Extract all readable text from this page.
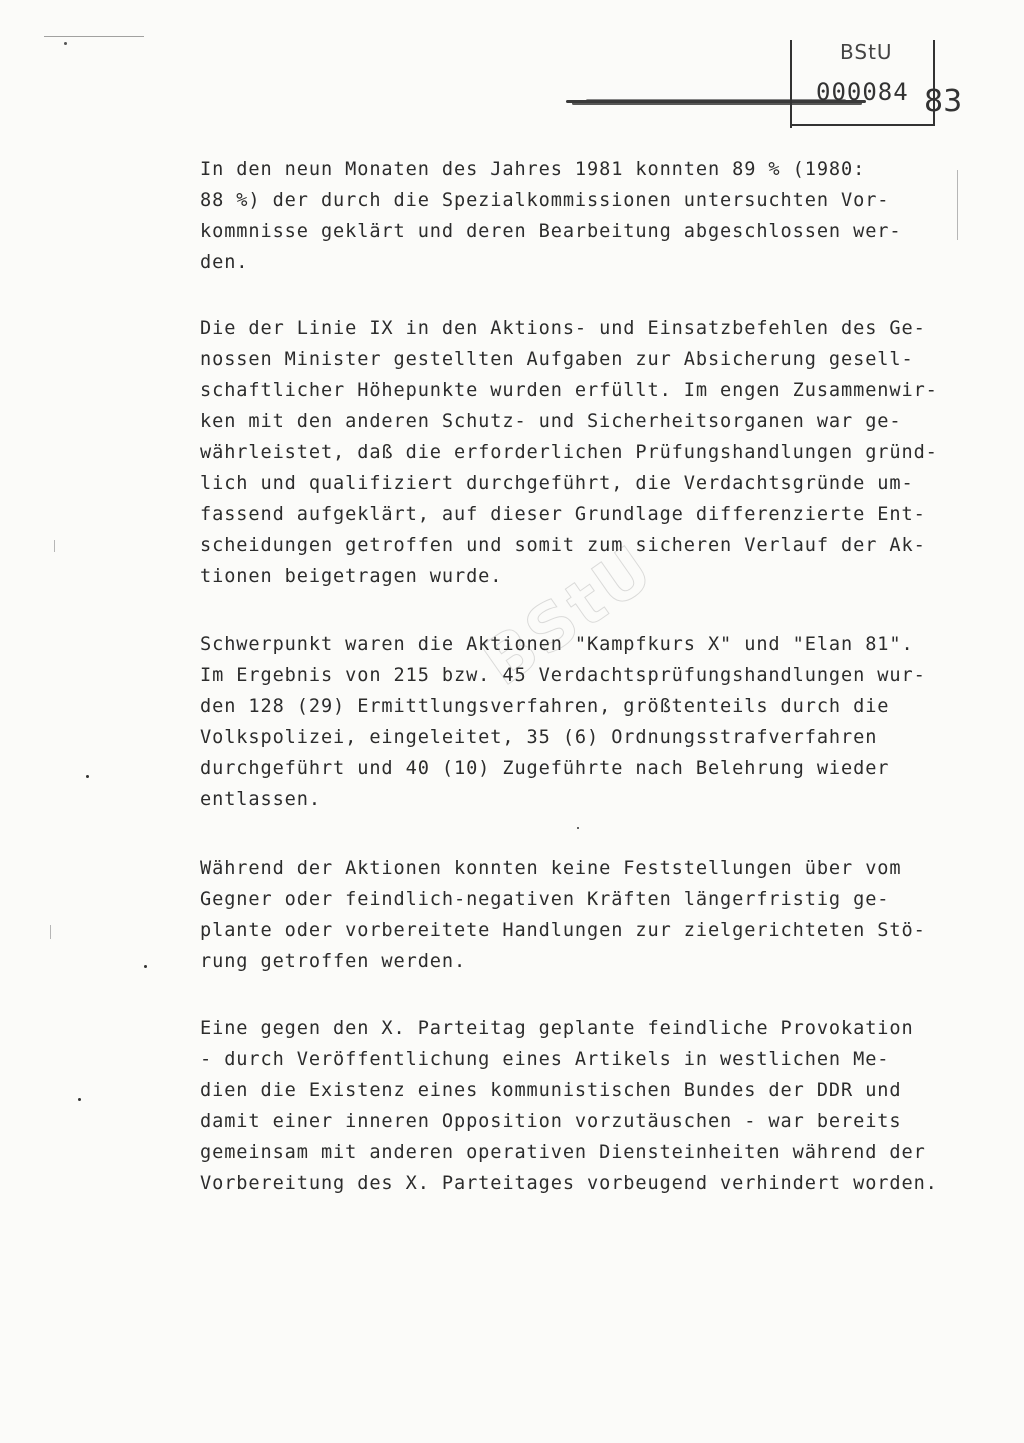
BStU
000084 83
In den neun Monaten des Jahres 1981 konnten 89 % (1980:
88 %) der durch die Spezialkommissionen untersuchten Vor-
kommnisse geklärt und deren Bearbeitung abgeschlossen wer-
den.
Die der Linie IX in den Aktions- und Einsatzbefehlen des Ge-
nossen Minister gestellten Aufgaben zur Absicherung gesell-
schaftlicher Höhepunkte wurden erfüllt. Im engen Zusammenwir-
ken mit den anderen Schutz- und Sicherheitsorganen war ge-
währleistet, daß die erforderlichen Prüfungshandlungen gründ-
lich und qualifiziert durchgeführt, die Verdachtsgründe um-
fassend aufgeklärt, auf dieser Grundlage differenzierte Ent-
scheidungen getroffen und somit zum sicheren Verlauf der Ak-
tionen beigetragen wurde.
Schwerpunkt waren die Aktionen "Kampfkurs X" und "Elan 81".
Im Ergebnis von 215 bzw. 45 Verdachtsprüfungshandlungen wur-
den 128 (29) Ermittlungsverfahren, größtenteils durch die
Volkspolizei, eingeleitet, 35 (6) Ordnungsstrafverfahren
durchgeführt und 40 (10) Zugeführte nach Belehrung wieder
entlassen.
Während der Aktionen konnten keine Feststellungen über vom
Gegner oder feindlich-negativen Kräften längerfristig ge-
plante oder vorbereitete Handlungen zur zielgerichteten Stö-
rung getroffen werden.
Eine gegen den X. Parteitag geplante feindliche Provokation
- durch Veröffentlichung eines Artikels in westlichen Me-
dien die Existenz eines kommunistischen Bundes der DDR und
damit einer inneren Opposition vorzutäuschen - war bereits
gemeinsam mit anderen operativen Diensteinheiten während der
Vorbereitung des X. Parteitages vorbeugend verhindert worden.
BStU
